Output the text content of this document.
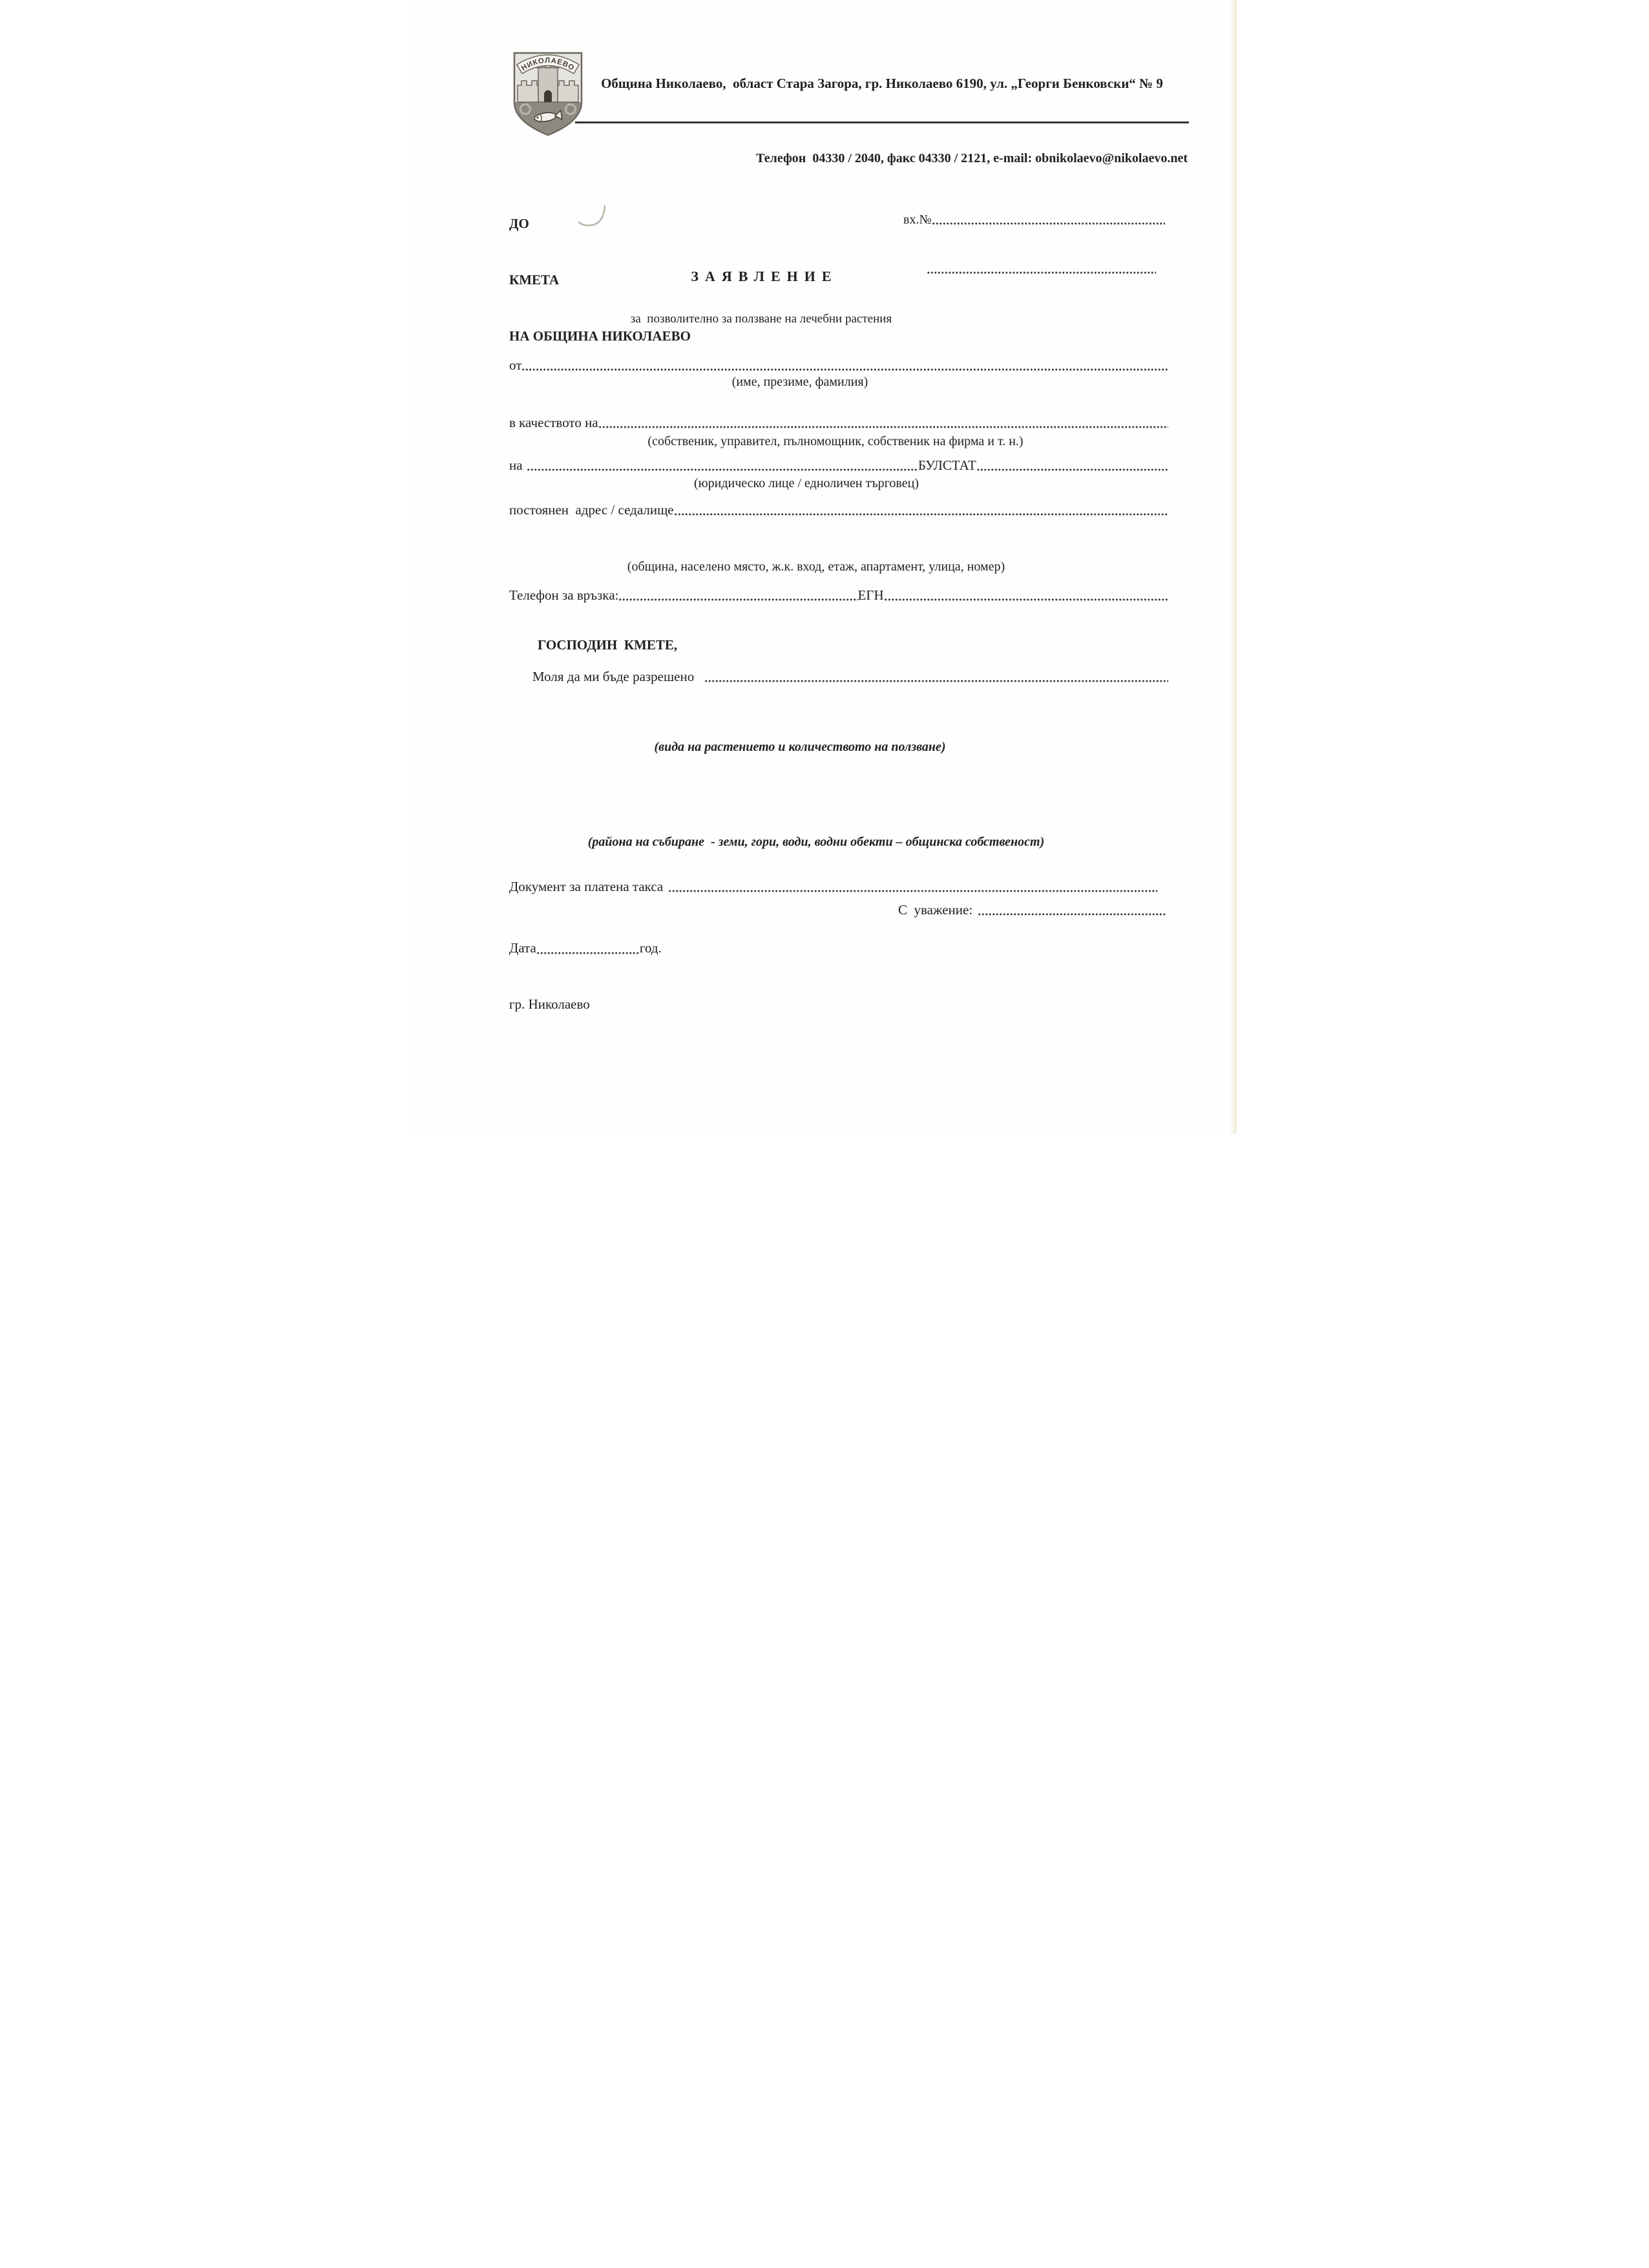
НИКОЛАЕВО

Община Николаево,  област Стара Загора, гр. Николаево 6190, ул. „Георги Бенковски“ № 9

Телефон  04330 / 2040, факс 04330 / 2121, e-mail: obnikolaevo@nikolaevo.net

ДО

КМЕТА

НА ОБЩИНА НИКОЛАЕВО

вх.№

ЗАЯВЛЕНИЕ

за  позволително за ползване на лечебни растения

от

(име, презиме, фамилия)

в качеството на

(собственик, управител, пълномощник, собственик на фирма и т. н.)

на	БУЛСТАТ

(юридическо лице / едноличен търговец)

постоянен  адрес / седалище

(община, населено място, ж.к. вход, етаж, апартамент, улица, номер)

Телефон за връзка:	ЕГН

ГОСПОДИН  КМЕТЕ,

Моля да ми бъде разрешено

(вида на растението и количеството на ползване)

(района на събиране  - земи, гори, води, водни обекти – общинска собственост)

Документ за платена такса

Дата	год.

гр. Николаево

С  уважение:
